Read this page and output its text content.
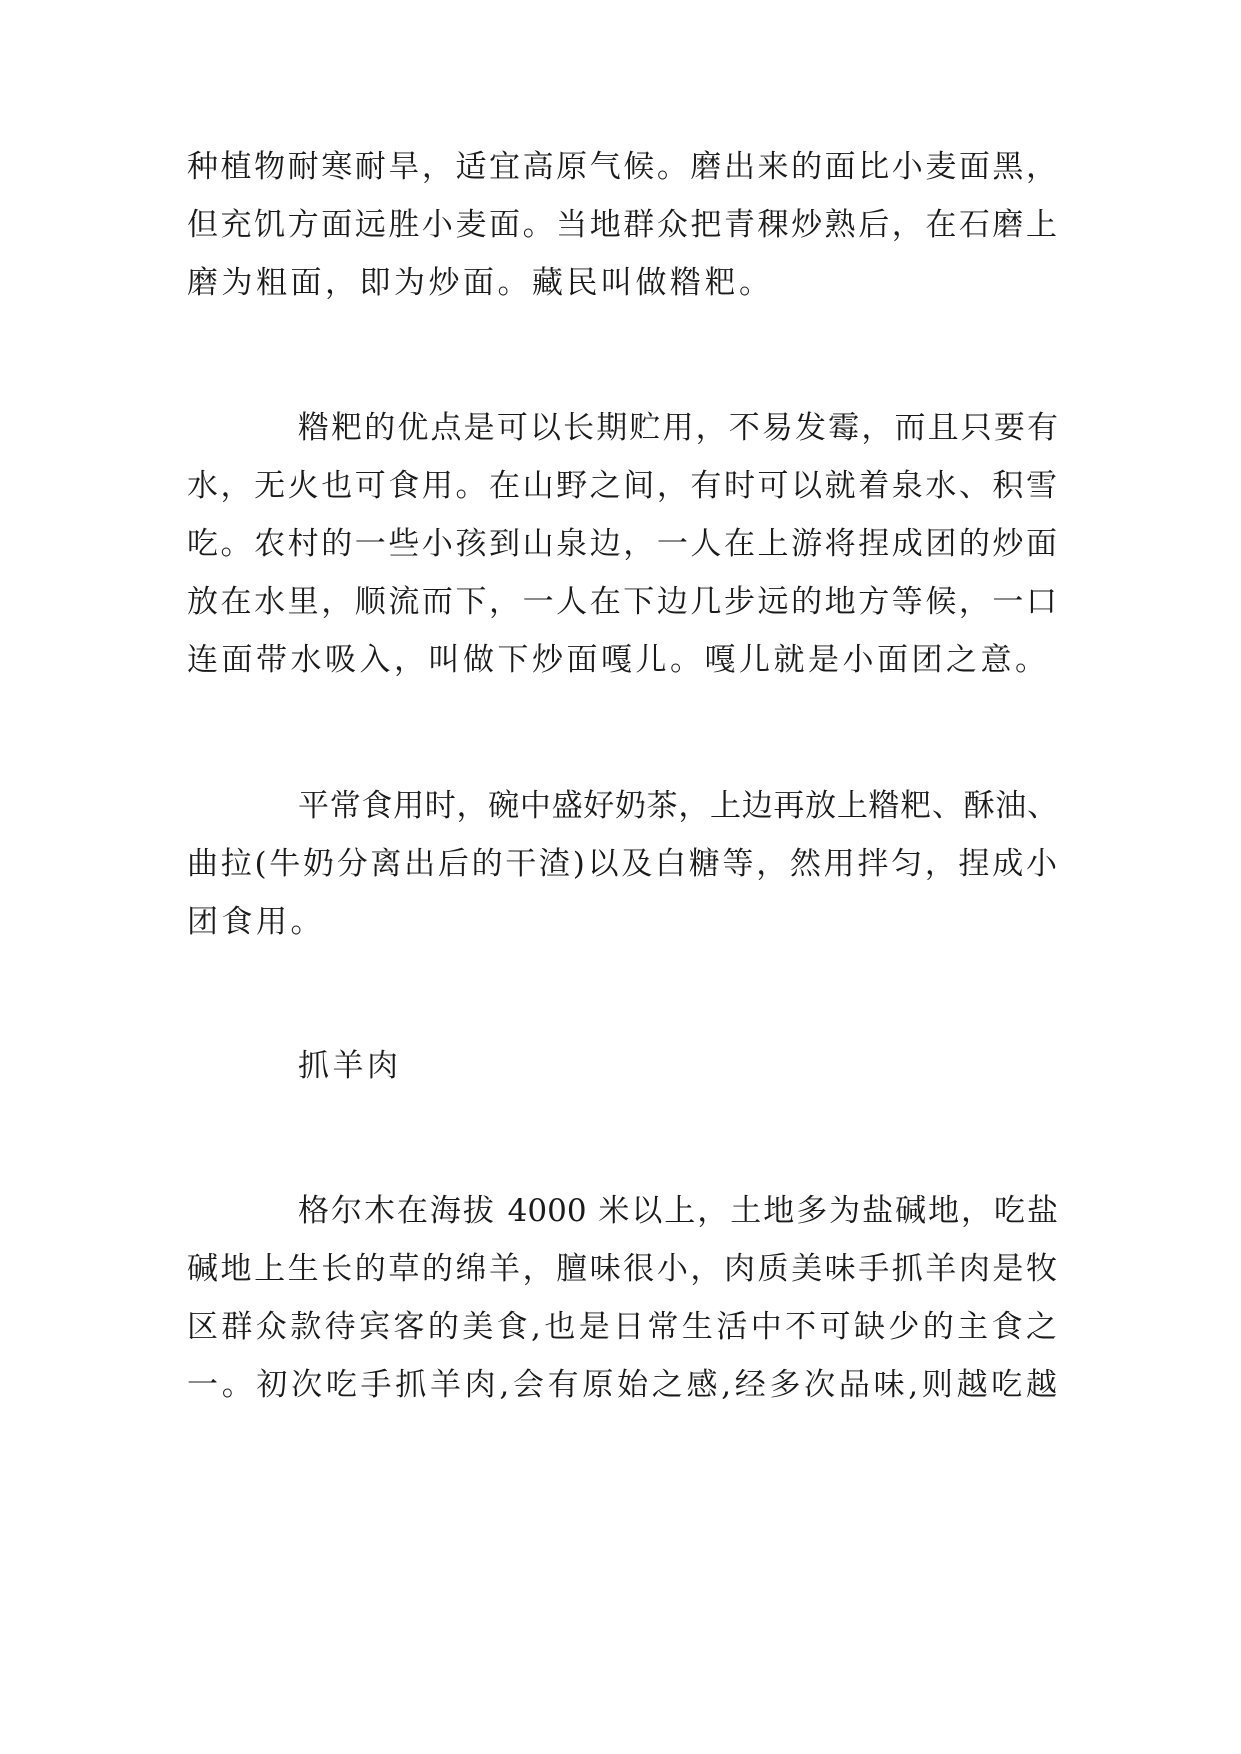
种植物耐寒耐旱，适宜高原气候。磨出来的面比小麦面黑，

但充饥方面远胜小麦面。当地群众把青稞炒熟后，在石磨上

磨为粗面，即为炒面。藏民叫做糌粑。

糌粑的优点是可以长期贮用，不易发霉，而且只要有

水，无火也可食用。在山野之间，有时可以就着泉水、积雪

吃。农村的一些小孩到山泉边，一人在上游将捏成团的炒面

放在水里，顺流而下，一人在下边几步远的地方等候，一口

连面带水吸入，叫做下炒面嘎儿。嘎儿就是小面团之意。

平常食用时，碗中盛好奶茶，上边再放上糌粑、酥油、

曲拉(牛奶分离出后的干渣)以及白糖等，然用拌匀，捏成小

团食用。

抓羊肉

格尔木在海拔 4000 米以上，土地多为盐碱地，吃盐

碱地上生长的草的绵羊，膻味很小，肉质美味手抓羊肉是牧

区群众款待宾客的美食,也是日常生活中不可缺少的主食之

一。初次吃手抓羊肉,会有原始之感,经多次品味,则越吃越
